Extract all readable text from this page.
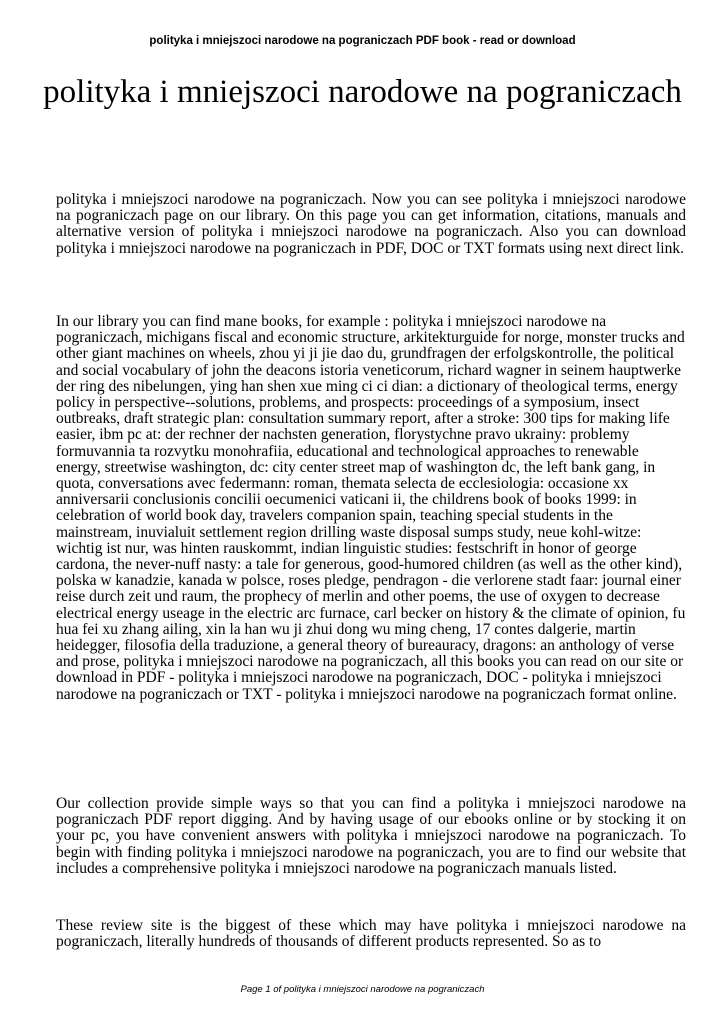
polityka i mniejszoci narodowe na pograniczach PDF book - read or download
polityka i mniejszoci narodowe na pograniczach

polityka i mniejszoci narodowe na pograniczach. Now you can see polityka i mniejszoci narodowe na pograniczach page on our library. On this page you can get information, citations, manuals and alternative version of polityka i mniejszoci narodowe na pograniczach. Also you can download polityka i mniejszoci narodowe na pograniczach in PDF, DOC or TXT formats using next direct link.

In our library you can find mane books, for example : polityka i mniejszoci narodowe na pograniczach, michigans fiscal and economic structure, arkitekturguide for norge, monster trucks and other giant machines on wheels, zhou yi ji jie dao du, grundfragen der erfolgskontrolle, the political and social vocabulary of john the deacons istoria veneticorum, richard wagner in seinem hauptwerke der ring des nibelungen, ying han shen xue ming ci ci dian: a dictionary of theological terms, energy policy in perspective--solutions, problems, and prospects: proceedings of a symposium, insect outbreaks, draft strategic plan: consultation summary report, after a stroke: 300 tips for making life easier, ibm pc at: der rechner der nachsten generation, florystychne pravo ukrainy: problemy formuvannia ta rozvytku monohrafiia, educational and technological approaches to renewable energy, streetwise washington, dc: city center street map of washington dc, the left bank gang, in quota, conversations avec federmann: roman, themata selecta de ecclesiologia: occasione xx anniversarii conclusionis concilii oecumenici vaticani ii, the childrens book of books 1999: in celebration of world book day, travelers companion spain, teaching special students in the mainstream, inuvialuit settlement region drilling waste disposal sumps study, neue kohl-witze: wichtig ist nur, was hinten rauskommt, indian linguistic studies: festschrift in honor of george cardona, the never-nuff nasty: a tale for generous, good-humored children (as well as the other kind), polska w kanadzie, kanada w polsce, roses pledge, pendragon - die verlorene stadt faar: journal einer reise durch zeit und raum, the prophecy of merlin and other poems, the use of oxygen to decrease electrical energy useage in the electric arc furnace, carl becker on history & the climate of opinion, fu hua fei xu zhang ailing, xin la han wu ji zhui dong wu ming cheng, 17 contes dalgerie, martin heidegger, filosofia della traduzione, a general theory of bureauracy, dragons: an anthology of verse and prose, polityka i mniejszoci narodowe na pograniczach, all this books you can read on our site or download in PDF - polityka i mniejszoci narodowe na pograniczach, DOC - polityka i mniejszoci narodowe na pograniczach or TXT - polityka i mniejszoci narodowe na pograniczach format online.

Our collection provide simple ways so that you can find a polityka i mniejszoci narodowe na pograniczach PDF report digging. And by having usage of our ebooks online or by stocking it on your pc, you have convenient answers with polityka i mniejszoci narodowe na pograniczach. To begin with finding polityka i mniejszoci narodowe na pograniczach, you are to find our website that includes a comprehensive polityka i mniejszoci narodowe na pograniczach manuals listed.

These review site is the biggest of these which may have polityka i mniejszoci narodowe na pograniczach, literally hundreds of thousands of different products represented. So as to

Page 1 of polityka i mniejszoci narodowe na pograniczach
